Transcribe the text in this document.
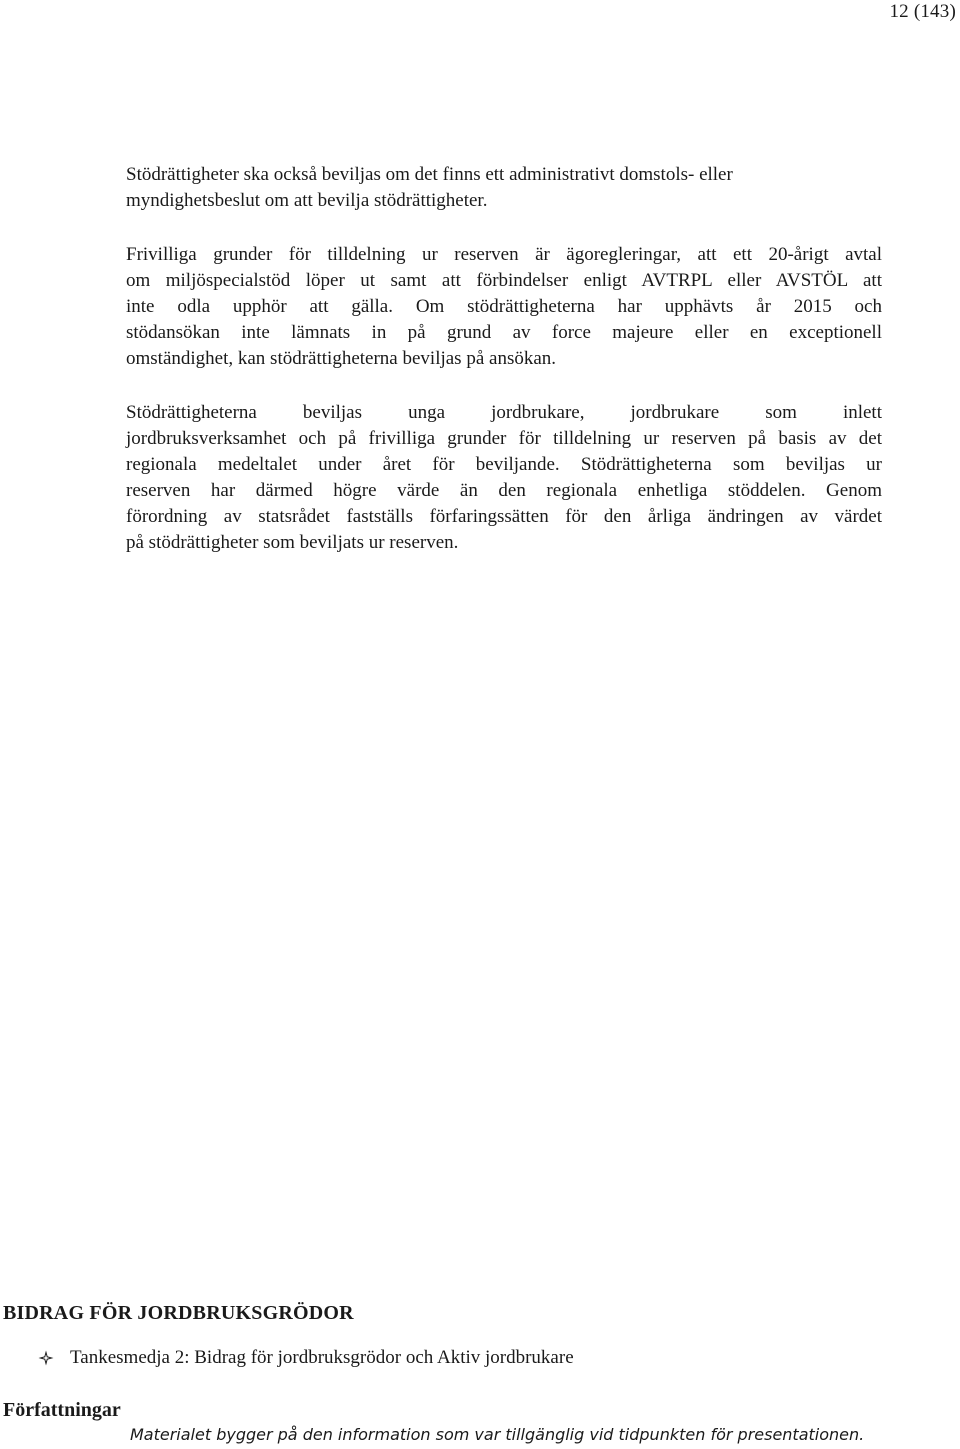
12 (143)

Stödrättigheter ska också beviljas om det finns ett administrativt domstols- eller
myndighetsbeslut om att bevilja stödrättigheter.

Frivilliga grunder för tilldelning ur reserven är ägoregleringar, att ett 20-årigt avtal
om miljöspecialstöd löper ut samt att förbindelser enligt AVTRPL eller AVSTÖL att
inte odla upphör att gälla. Om stödrättigheterna har upphävts år 2015 och
stödansökan inte lämnats in på grund av force majeure eller en exceptionell
omständighet, kan stödrättigheterna beviljas på ansökan.

Stödrättigheterna beviljas unga jordbrukare, jordbrukare som inlett
jordbruksverksamhet och på frivilliga grunder för tilldelning ur reserven på basis av det
regionala medeltalet under året för beviljande. Stödrättigheterna som beviljas ur
reserven har därmed högre värde än den regionala enhetliga stöddelen. Genom
förordning av statsrådet fastställs förfaringssätten för den årliga ändringen av värdet
på stödrättigheter som beviljats ur reserven.

BIDRAG FÖR JORDBRUKSGRÖDOR
Tankesmedja 2: Bidrag för jordbruksgrödor och Aktiv jordbrukare
Författningar
Materialet bygger på den information som var tillgänglig vid tidpunkten för presentationen.
